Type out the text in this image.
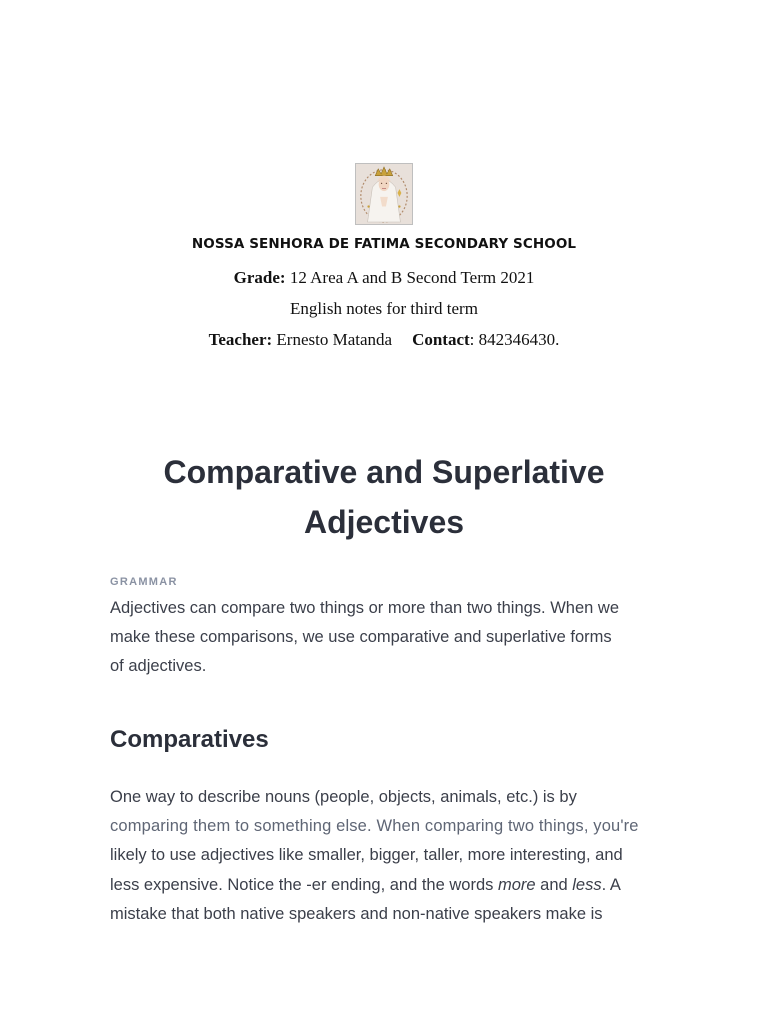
NOSSA SENHORA DE FATIMA SECONDARY SCHOOL
Grade: 12 Area A and B Second Term 2021
English notes for third term
Teacher: Ernesto Matanda Contact: 842346430.
Comparative and Superlative
Adjectives
GRAMMAR
Adjectives can compare two things or more than two things. When we
make these comparisons, we use comparative and superlative forms
of adjectives.
Comparatives
One way to describe nouns (people, objects, animals, etc.) is by
comparing them to something else. When comparing two things, you're
likely to use adjectives like smaller, bigger, taller, more interesting, and
less expensive. Notice the -er ending, and the words more and less. A
mistake that both native speakers and non-native speakers make is
